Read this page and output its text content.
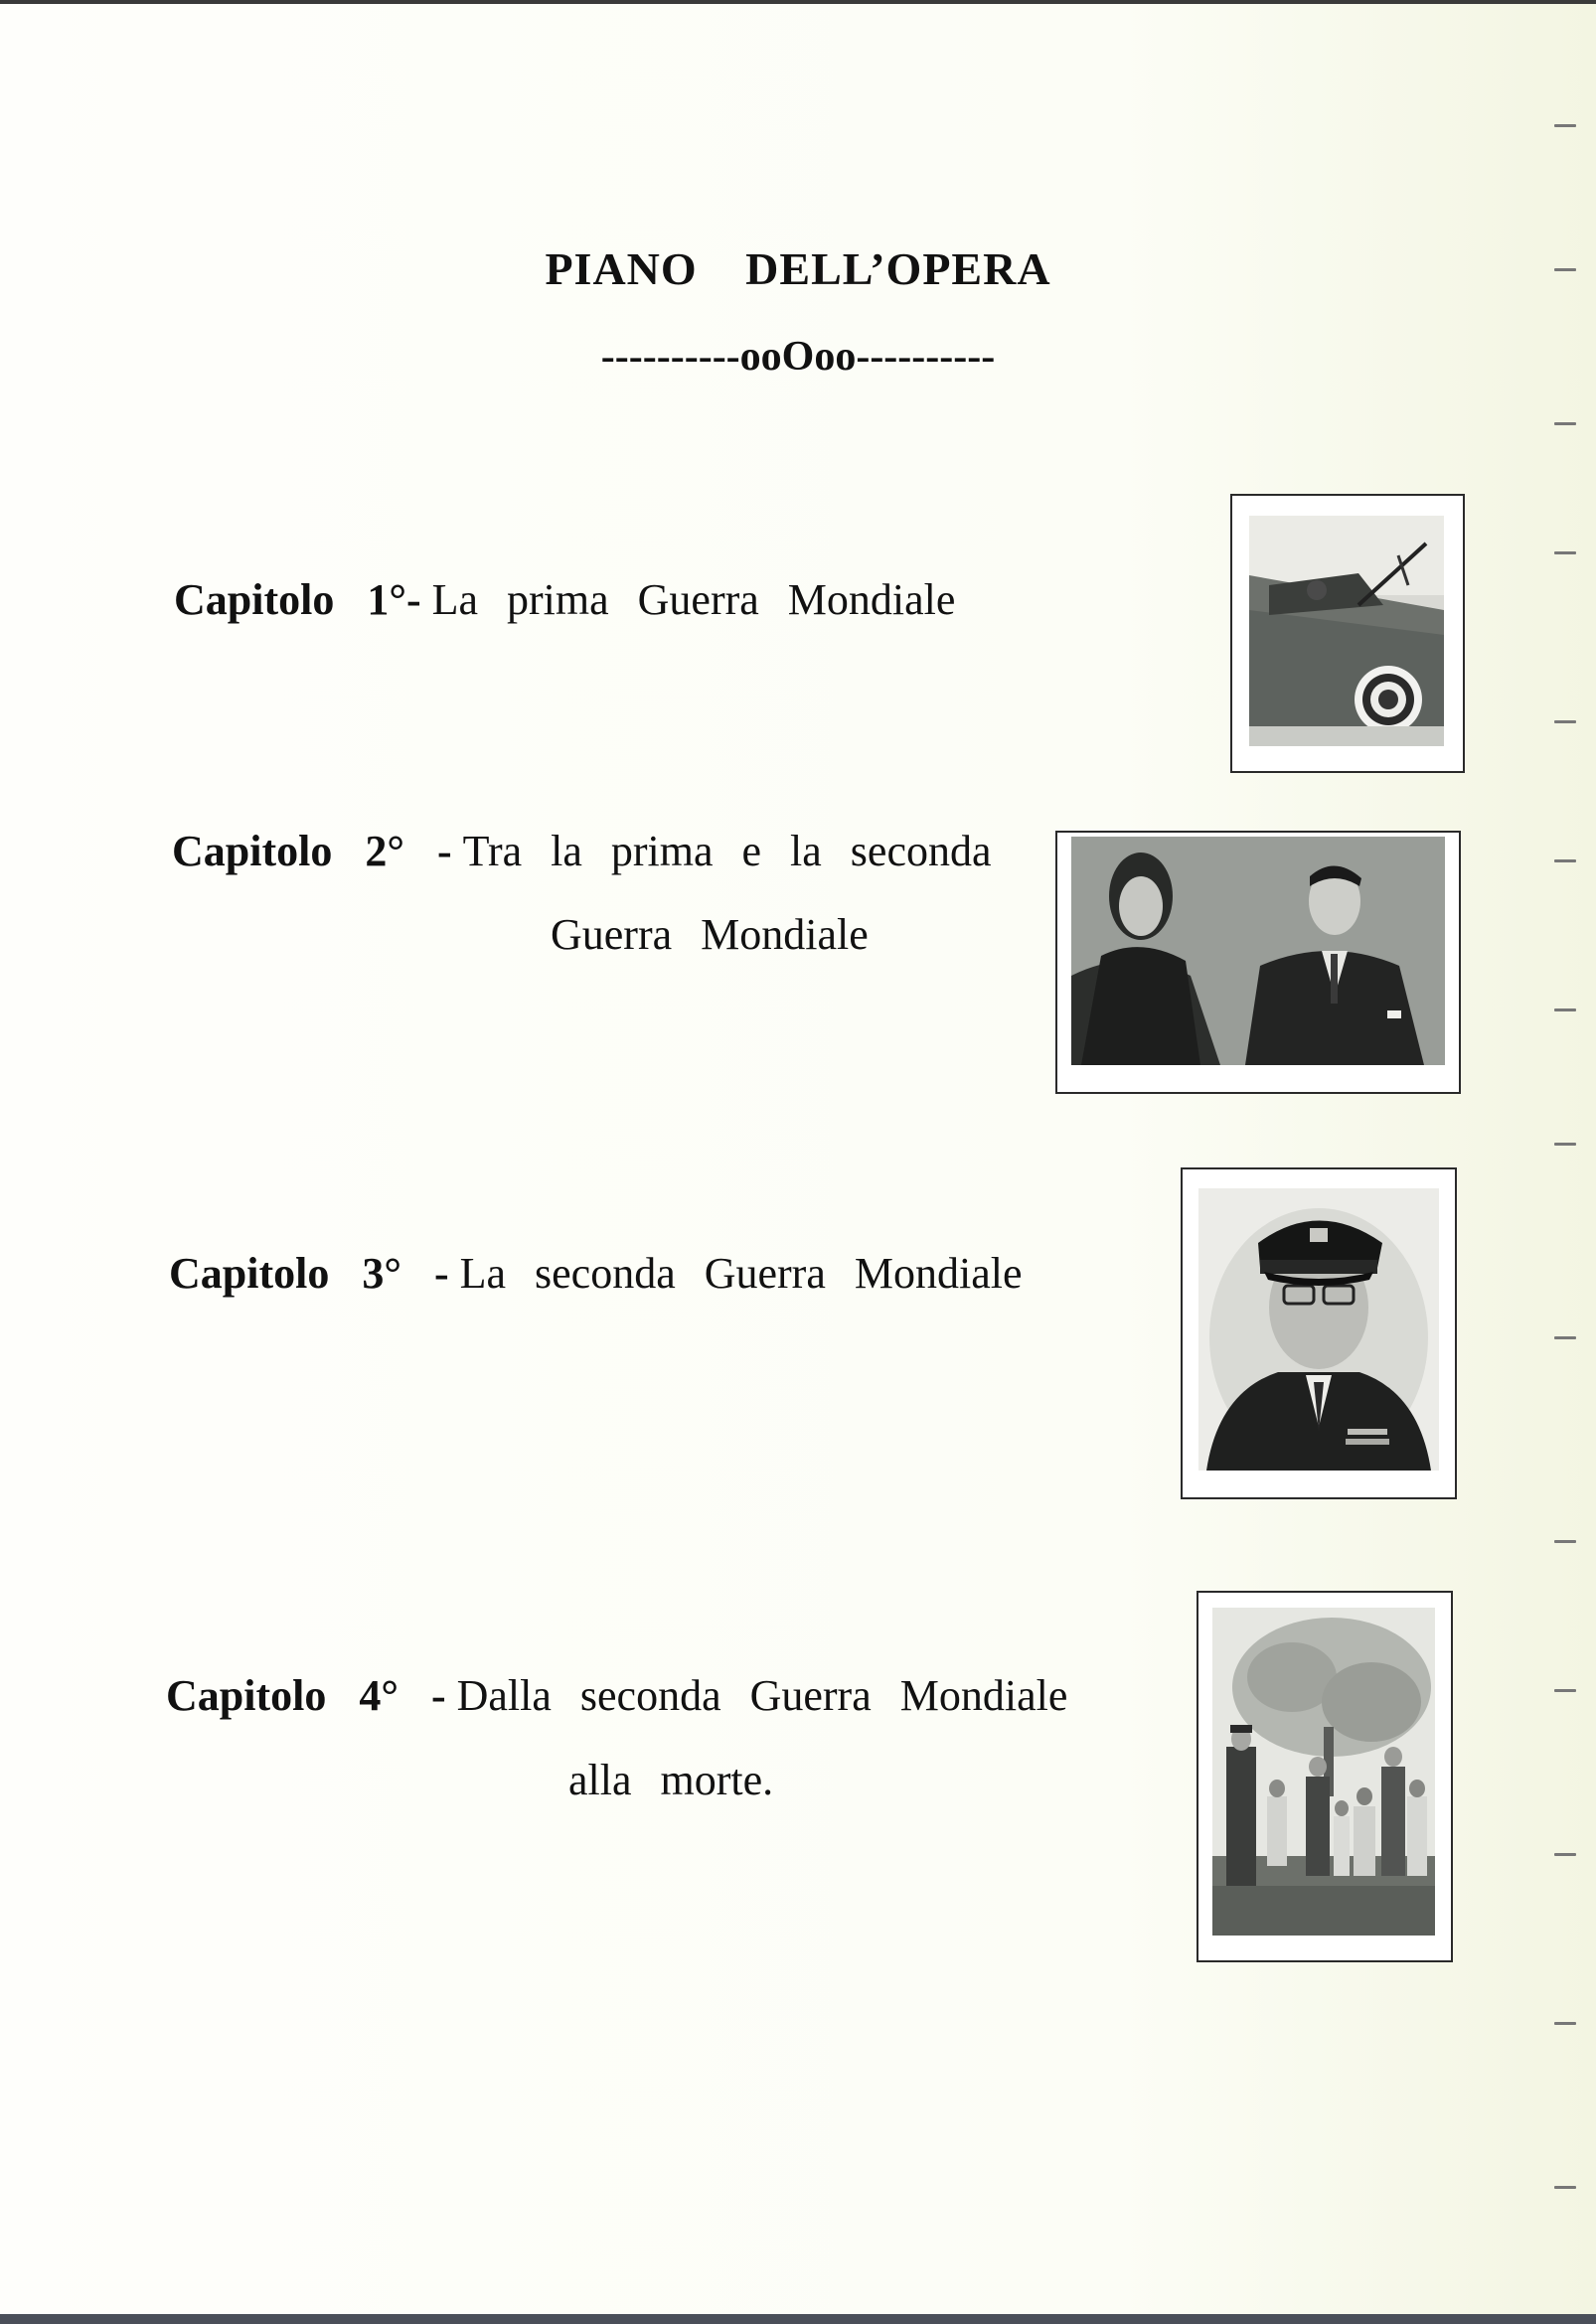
PIANO DELL’OPERA
----------ooOoo----------
Capitolo 1°- La prima Guerra Mondiale
Capitolo 2° - Tra la prima e la seconda
Guerra Mondiale
Capitolo 3° - La seconda Guerra Mondiale
Capitolo 4° - Dalla seconda Guerra Mondiale
alla morte.
